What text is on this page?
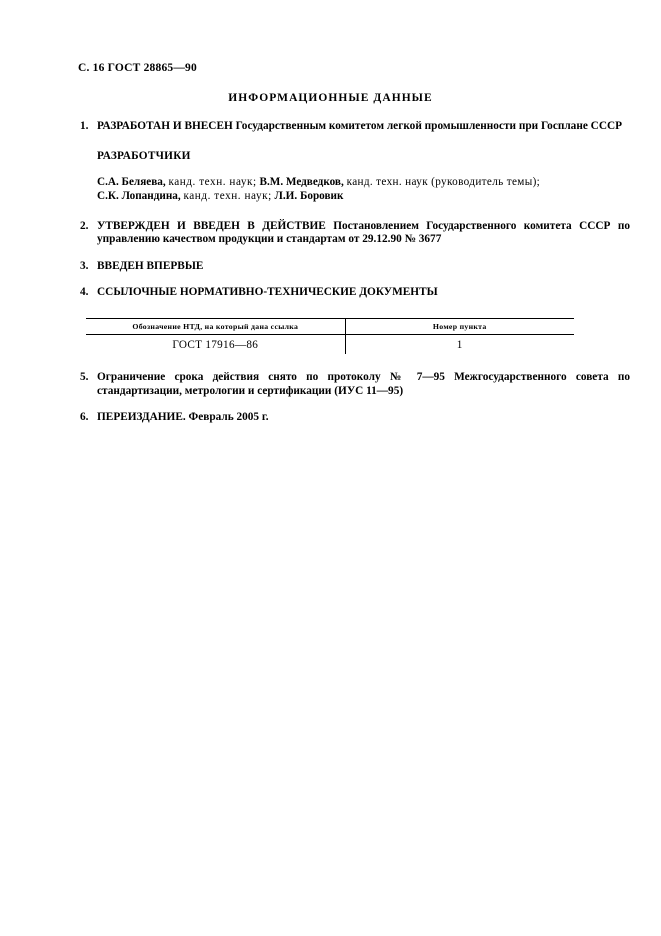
С. 16 ГОСТ 28865—90
ИНФОРМАЦИОННЫЕ ДАННЫЕ
1. РАЗРАБОТАН И ВНЕСЕН Государственным комитетом легкой промышленности при Госплане СССР
РАЗРАБОТЧИКИ
С.А. Беляева, канд. техн. наук; В.М. Медведков, канд. техн. наук (руководитель темы);
С.К. Лопандина, канд. техн. наук; Л.И. Боровик
2. УТВЕРЖДЕН И ВВЕДЕН В ДЕЙСТВИЕ Постановлением Государственного комитета СССР по управлению качеством продукции и стандартам от 29.12.90 № 3677
3. ВВЕДЕН ВПЕРВЫЕ
4. ССЫЛОЧНЫЕ НОРМАТИВНО-ТЕХНИЧЕСКИЕ ДОКУМЕНТЫ
Обозначение НТД, на который дана ссылка	Номер пункта
ГОСТ 17916—86	1
5. Ограничение срока действия снято по протоколу № 7—95 Межгосударственного совета по стандартизации, метрологии и сертификации (ИУС 11—95)
6. ПЕРЕИЗДАНИЕ. Февраль 2005 г.
